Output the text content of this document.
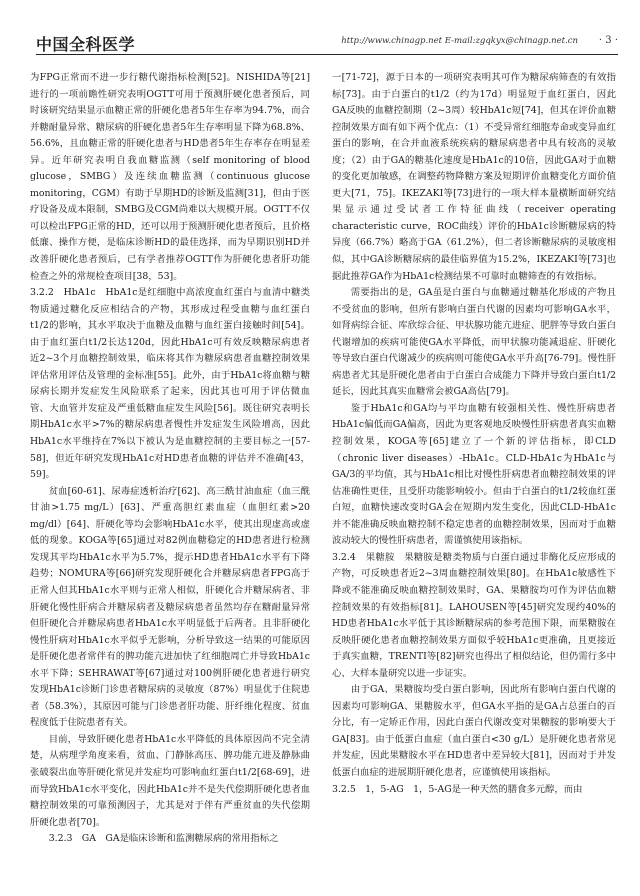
中国全科医学	http://www.chinagp.net E-mail:zgqkyx@chinagp.net.cn · 3 ·

为FPG正常而不进一步行糖代谢指标检测[52]。NISHIDA等[21]进行的一项前瞻性研究表明OGTT可用于预测肝硬化患者预后，同时该研究结果显示血糖正常的肝硬化患者5年生存率为94.7%，而合并糖耐量异常、糖尿病的肝硬化患者5年生存率明显下降为68.8%、56.6%，且血糖正常的肝硬化患者与HD患者5年生存率存在明显差异。近年研究表明自我血糖监测（self monitoring of blood glucose，SMBG）及连续血糖监测（continuous glucose monitoring，CGM）有助于早期HD的诊断及监测[31]，但由于医疗设备及成本限制，SMBG及CGM尚难以大规模开展。OGTT不仅可以检出FPG正常的HD，还可以用于预测肝硬化患者预后，且价格低廉、操作方便，是临床诊断HD的最佳选择，而为早期识别HD并改善肝硬化患者预后，已有学者推荐OGTT作为肝硬化患者肝功能检查之外的常规检查项目[38，53]。

3.2.2　HbA1c　HbA1c是红细胞中高浓度血红蛋白与血清中糖类物质通过糖化反应相结合的产物，其形成过程受血糖与血红蛋白t1/2的影响，其水平取决于血糖及血糖与血红蛋白接触时间[54]。由于血红蛋白t1/2长达120d，因此HbA1c可有效反映糖尿病患者近2~3个月血糖控制效果，临床将其作为糖尿病患者血糖控制效果评估常用评估及管理的金标准[55]。此外，由于HbA1c将血糖与糖尿病长期并发症发生风险联系了起来，因此其也可用于评估微血管、大血管并发症及严重低糖血症发生风险[56]。既往研究表明长期HbA1c水平>7%的糖尿病患者慢性并发症发生风险增高，因此HbA1c水平维持在7%以下被认为是血糖控制的主要目标之一[57-58]，但近年研究发现HbA1c对HD患者血糖的评估并不准确[43，59]。

贫血[60-61]、尿毒症透析治疗[62]、高三酰甘油血症（血三酰甘油>1.75 mg/L）[63]、严重高胆红素血症（血胆红素>20 mg/dl）[64]、肝硬化等均会影响HbA1c水平，使其出现虚高或虚低的现象。KOGA等[65]通过对82例血糖稳定的HD患者进行检测发现其平均HbA1c水平为5.7%，提示HD患者HbA1c水平有下降趋势；NOMURA等[66]研究发现肝硬化合并糖尿病患者FPG高于正常人但其HbA1c水平则与正常人相似，肝硬化合并糖尿病者、非肝硬化慢性肝病合并糖尿病者及糖尿病患者虽然均存在糖耐量异常但肝硬化合并糖尿病患者HbA1c水平明显低于后两者。且非肝硬化慢性肝病对HbA1c水平似乎无影响，分析导致这一结果的可能原因是肝硬化患者常伴有的脾功能亢进加快了红细胞周亡并导致HbA1c水平下降；SEHRAWAT等[67]通过对100例肝硬化患者进行研究发现HbA1c诊断门诊患者糖尿病的灵敏度（87%）明显优于住院患者（58.3%），其原因可能与门诊患者肝功能、肝纤维化程度、贫血程度低于住院患者有关。

目前，导致肝硬化患者HbA1c水平降低的具体原因尚不完全清楚，从病理学角度来看，贫血、门静脉高压、脾功能亢进及静脉曲张破裂出血等肝硬化常见并发症均可影响血红蛋白t1/2[68-69]，进而导致HbA1c水平变化，因此HbA1c并不是失代偿期肝硬化患者血糖控制效果的可靠预测因子，尤其是对于伴有严重贫血的失代偿期肝硬化患者[70]。

3.2.3　GA　GA是临床诊断和监测糖尿病的常用指标之

一[71-72]，源于日本的一项研究表明其可作为糖尿病筛查的有效指标[73]。由于白蛋白的t1/2（约为17d）明显短于血红蛋白，因此GA反映的血糖控制期（2~3周）较HbA1c短[74]，但其在评价血糖控制效果方面有如下两个优点：（1）不受异常红细胞寿命或变异血红蛋白的影响，在合并血液系统疾病的糖尿病患者中具有较高的灵敏度；（2）由于GA的糖基化速度是HbA1c的10倍，因此GA对于血糖的变化更加敏感，在调整药物降糖方案及短期评价血糖变化方面价值更大[71，75]。IKEZAKI等[73]进行的一项大样本量横断面研究结果显示通过受试者工作特征曲线（receiver operating characteristic curve，ROC曲线）评价的HbA1c诊断糖尿病的特异度（66.7%）略高于GA（61.2%），但二者诊断糖尿病的灵敏度相似，其中GA诊断糖尿病的最佳临界值为15.2%，IKEZAKI等[73]也据此推荐GA作为HbA1c检测结果不可靠时血糖筛查的有效指标。

需要指出的是，GA虽是白蛋白与血糖通过糖基化形成的产物且不受贫血的影响，但所有影响白蛋白代谢的因素均可影响GA水平，如肾病综合征、库欣综合征、甲状腺功能亢进症、肥胖等导致白蛋白代谢增加的疾病可能使GA水平降低，而甲状腺功能减退症、肝硬化等导致白蛋白代谢减少的疾病则可能使GA水平升高[76-79]。慢性肝病患者尤其是肝硬化患者由于白蛋白合成能力下降并导致白蛋白t1/2延长，因此其真实血糖常会被GA高估[79]。

鉴于HbA1c和GA均与平均血糖有较强相关性、慢性肝病患者HbA1c偏低而GA偏高，因此为更客观地反映慢性肝病患者真实血糖控制效果，KOGA等[65]建立了一个新的评估指标，即CLD（chronic liver diseases）-HbA1c。CLD-HbA1c为HbA1c与GA/3的平均值，其与HbA1c相比对慢性肝病患者血糖控制效果的评估准确性更佳，且受肝功能影响较小。但由于白蛋白的t1/2较血红蛋白短，血糖快速改变时GA会在短期内发生变化，因此CLD-HbA1c并不能准确反映血糖控制不稳定患者的血糖控制效果，因而对于血糖波动较大的慢性肝病患者，需谨慎使用该指标。

3.2.4　果糖胺　果糖胺是糖类物质与白蛋白通过非酶化反应形成的产物，可反映患者近2~3周血糖控制效果[80]。在HbA1c敏感性下降或不能准确反映血糖控制效果时，GA、果糖胺均可作为评估血糖控制效果的有效指标[81]。LAHOUSEN等[45]研究发现约40%的HD患者HbA1c水平低于其诊断糖尿病的参考范围下限，而果糖胺在反映肝硬化患者血糖控制效果方面似乎较HbA1c更准确，且更接近于真实血糖，TRENTI等[82]研究也得出了相似结论，但仍需行多中心、大样本量研究以进一步证实。

由于GA、果糖胺均受白蛋白影响，因此所有影响白蛋白代谢的因素均可影响GA、果糖胺水平，但GA水平指的是GA占总蛋白的百分比，有一定矫正作用，因此白蛋白代谢改变对果糖胺的影响要大于GA[83]。由于低蛋白血症（血白蛋白<30 g/L）是肝硬化患者常见并发症，因此果糖胺水平在HD患者中差异较大[81]，因而对于并发低蛋白血症的进展期肝硬化患者，应谨慎使用该指标。

3.2.5　1，5-AG　1，5-AG是一种天然的膳食多元醇，而由
